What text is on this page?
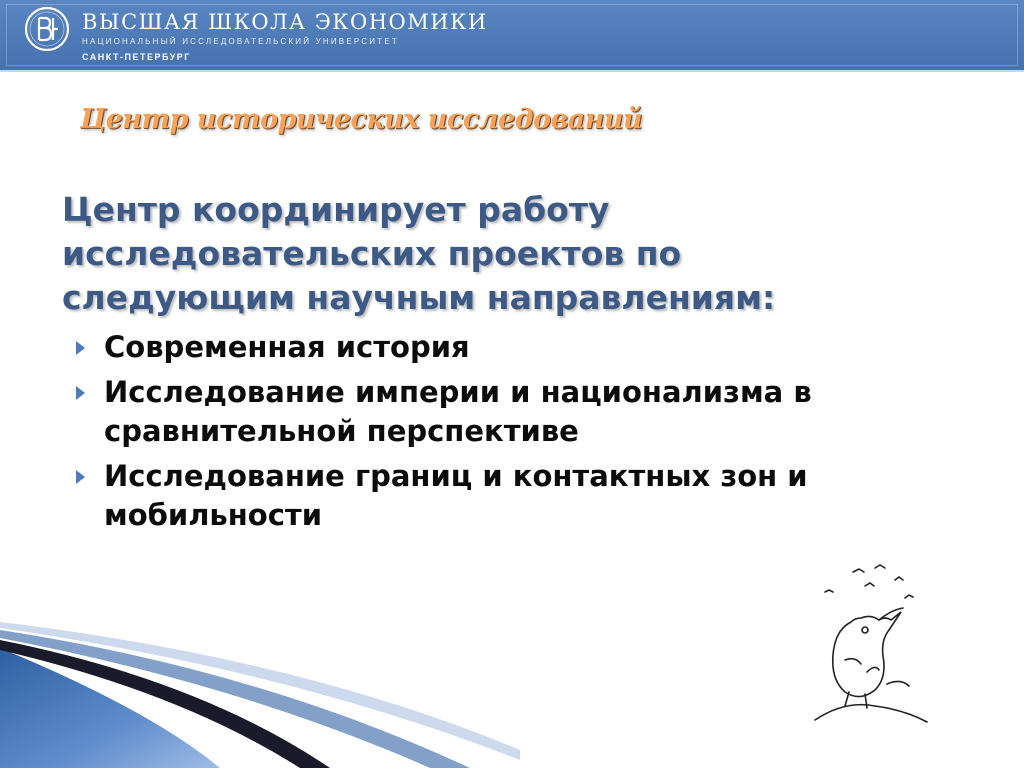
ВЫСШАЯ ШКОЛА ЭКОНОМИКИ
НАЦИОНАЛЬНЫЙ ИССЛЕДОВАТЕЛЬСКИЙ УНИВЕРСИТЕТ
САНКТ-ПЕТЕРБУРГ
Центр исторических исследований
Центр координирует работу
исследовательских проектов по
следующим научным направлениям:
Современная история
Исследование империи и национализма в сравнительной перспективе
Исследование границ и контактных зон и мобильности
